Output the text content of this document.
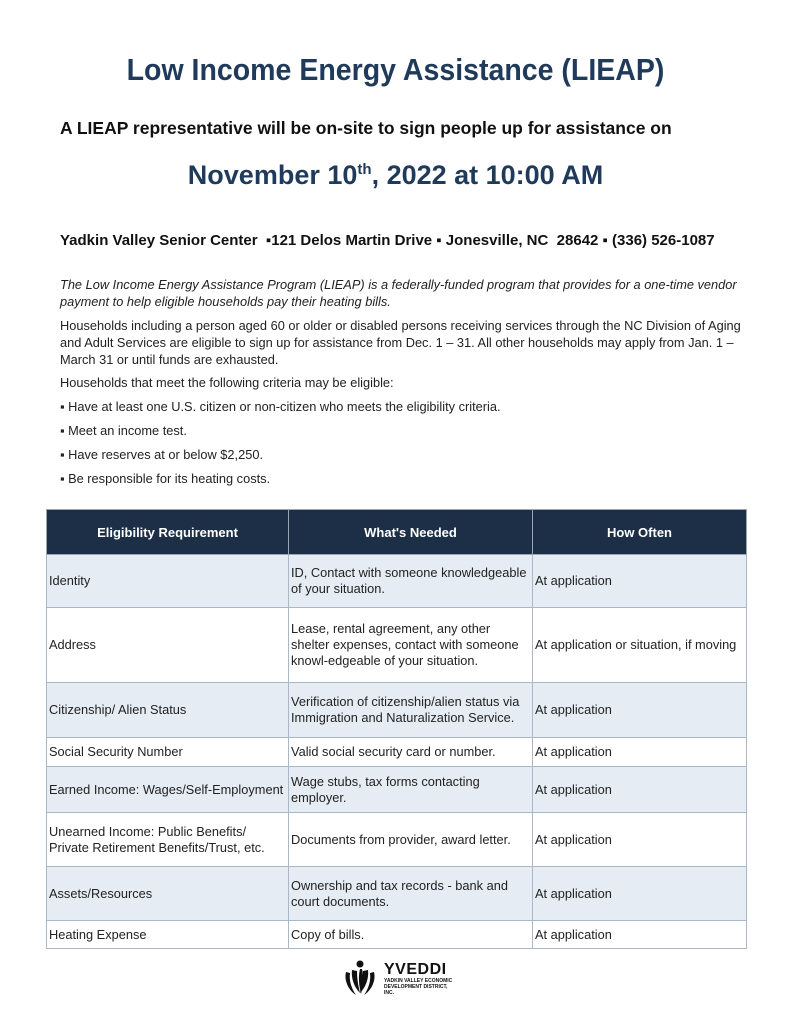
Low Income Energy Assistance (LIEAP)
A LIEAP representative will be on-site to sign people up for assistance on
November 10th, 2022 at 10:00 AM
Yadkin Valley Senior Center  ▪121 Delos Martin Drive ▪ Jonesville, NC  28642 ▪ (336) 526-1087

The Low Income Energy Assistance Program (LIEAP) is a federally-funded program that provides for a one-time vendor payment to help eligible households pay their heating bills.

Households including a person aged 60 or older or disabled persons receiving services through the NC Division of Aging and Adult Services are eligible to sign up for assistance from Dec. 1 – 31. All other households may apply from Jan. 1 – March 31 or until funds are exhausted.

Households that meet the following criteria may be eligible:

▪ Have at least one U.S. citizen or non-citizen who meets the eligibility criteria.

▪ Meet an income test.

▪ Have reserves at or below $2,250.

▪ Be responsible for its heating costs.

Eligibility Requirement	What's Needed	How Often
Identity	ID, Contact with someone knowledgeable of your situation.	At application
Address	Lease, rental agreement, any other shelter expenses, contact with someone knowl-edgeable of your situation.	At application or situation, if moving
Citizenship/ Alien Status	Verification of citizenship/alien status via Immigration and Naturalization Service.	At application
Social Security Number	Valid social security card or number.	At application
Earned Income: Wages/Self-Employment	Wage stubs, tax forms contacting employer.	At application
Unearned Income: Public Benefits/ Private Retirement Benefits/Trust, etc.	Documents from provider, award letter.	At application
Assets/Resources	Ownership and tax records - bank and court documents.	At application
Heating Expense	Copy of bills.	At application
YVEDDI
YADKIN VALLEY ECONOMIC DEVELOPMENT DISTRICT, INC.
